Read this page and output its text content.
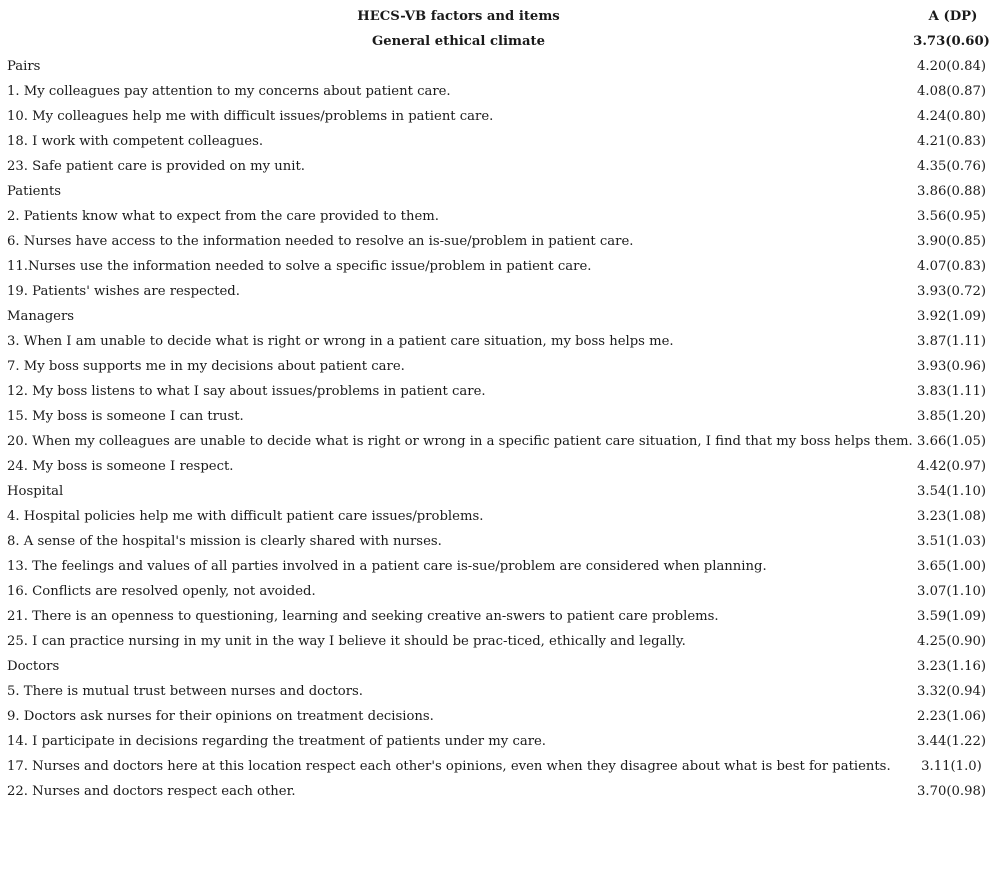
HECS-VB factors and items	A (DP)
General ethical climate	3.73(0.60)
Pairs	4.20(0.84)
1. My colleagues pay attention to my concerns about patient care.	4.08(0.87)
10. My colleagues help me with difficult issues/problems in patient care.	4.24(0.80)
18. I work with competent colleagues.	4.21(0.83)
23. Safe patient care is provided on my unit.	4.35(0.76)
Patients	3.86(0.88)
2. Patients know what to expect from the care provided to them.	3.56(0.95)
6. Nurses have access to the information needed to resolve an is-sue/problem in patient care.	3.90(0.85)
11.Nurses use the information needed to solve a specific issue/problem in patient care.	4.07(0.83)
19. Patients' wishes are respected.	3.93(0.72)
Managers	3.92(1.09)
3. When I am unable to decide what is right or wrong in a patient care situation, my boss helps me.	3.87(1.11)
7. My boss supports me in my decisions about patient care.	3.93(0.96)
12. My boss listens to what I say about issues/problems in patient care.	3.83(1.11)
15. My boss is someone I can trust.	3.85(1.20)
20. When my colleagues are unable to decide what is right or wrong in a specific patient care situation, I find that my boss helps them.	3.66(1.05)
24. My boss is someone I respect.	4.42(0.97)
Hospital	3.54(1.10)
4. Hospital policies help me with difficult patient care issues/problems.	3.23(1.08)
8. A sense of the hospital's mission is clearly shared with nurses.	3.51(1.03)
13. The feelings and values of all parties involved in a patient care is-sue/problem are considered when planning.	3.65(1.00)
16. Conflicts are resolved openly, not avoided.	3.07(1.10)
21. There is an openness to questioning, learning and seeking creative an-swers to patient care problems.	3.59(1.09)
25. I can practice nursing in my unit in the way I believe it should be prac-ticed, ethically and legally.	4.25(0.90)
Doctors	3.23(1.16)
5. There is mutual trust between nurses and doctors.	3.32(0.94)
9. Doctors ask nurses for their opinions on treatment decisions.	2.23(1.06)
14. I participate in decisions regarding the treatment of patients under my care.	3.44(1.22)
17. Nurses and doctors here at this location respect each other's opinions, even when they disagree about what is best for patients.	3.11(1.0)
22. Nurses and doctors respect each other.	3.70(0.98)
